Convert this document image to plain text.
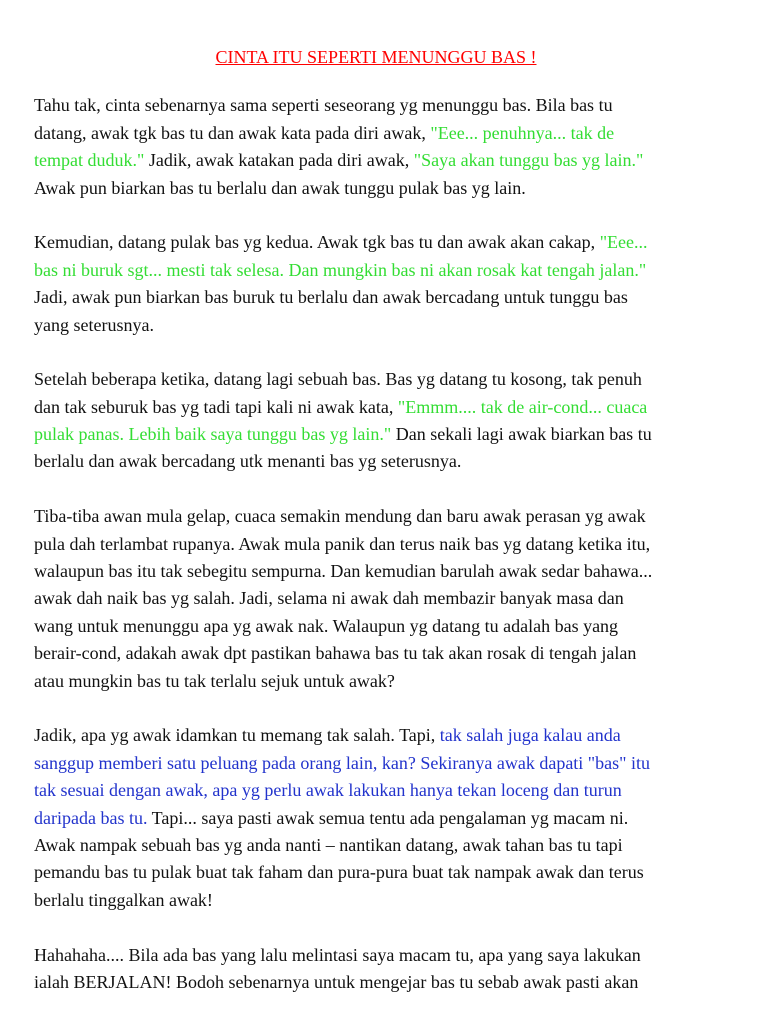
CINTA ITU SEPERTI MENUNGGU BAS !
Tahu tak, cinta sebenarnya sama seperti seseorang yg menunggu bas. Bila bas tu
datang, awak tgk bas tu dan awak kata pada diri awak, "Eee... penuhnya... tak de
tempat duduk." Jadik, awak katakan pada diri awak, "Saya akan tunggu bas yg lain."
Awak pun biarkan bas tu berlalu dan awak tunggu pulak bas yg lain.
Kemudian, datang pulak bas yg kedua. Awak tgk bas tu dan awak akan cakap, "Eee...
bas ni buruk sgt... mesti tak selesa. Dan mungkin bas ni akan rosak kat tengah jalan."
Jadi, awak pun biarkan bas buruk tu berlalu dan awak bercadang untuk tunggu bas
yang seterusnya.
Setelah beberapa ketika, datang lagi sebuah bas. Bas yg datang tu kosong, tak penuh
dan tak seburuk bas yg tadi tapi kali ni awak kata, "Emmm.... tak de air-cond... cuaca
pulak panas. Lebih baik saya tunggu bas yg lain." Dan sekali lagi awak biarkan bas tu
berlalu dan awak bercadang utk menanti bas yg seterusnya.
Tiba-tiba awan mula gelap, cuaca semakin mendung dan baru awak perasan yg awak
pula dah terlambat rupanya. Awak mula panik dan terus naik bas yg datang ketika itu,
walaupun bas itu tak sebegitu sempurna. Dan kemudian barulah awak sedar bahawa...
awak dah naik bas yg salah. Jadi, selama ni awak dah membazir banyak masa dan
wang untuk menunggu apa yg awak nak. Walaupun yg datang tu adalah bas yang
berair-cond, adakah awak dpt pastikan bahawa bas tu tak akan rosak di tengah jalan
atau mungkin bas tu tak terlalu sejuk untuk awak?
Jadik, apa yg awak idamkan tu memang tak salah. Tapi, tak salah juga kalau anda
sanggup memberi satu peluang pada orang lain, kan? Sekiranya awak dapati "bas" itu
tak sesuai dengan awak, apa yg perlu awak lakukan hanya tekan loceng dan turun
daripada bas tu. Tapi... saya pasti awak semua tentu ada pengalaman yg macam ni.
Awak nampak sebuah bas yg anda nanti – nantikan datang, awak tahan bas tu tapi
pemandu bas tu pulak buat tak faham dan pura-pura buat tak nampak awak dan terus
berlalu tinggalkan awak!
Hahahaha.... Bila ada bas yang lalu melintasi saya macam tu, apa yang saya lakukan
ialah BERJALAN! Bodoh sebenarnya untuk mengejar bas tu sebab awak pasti akan
